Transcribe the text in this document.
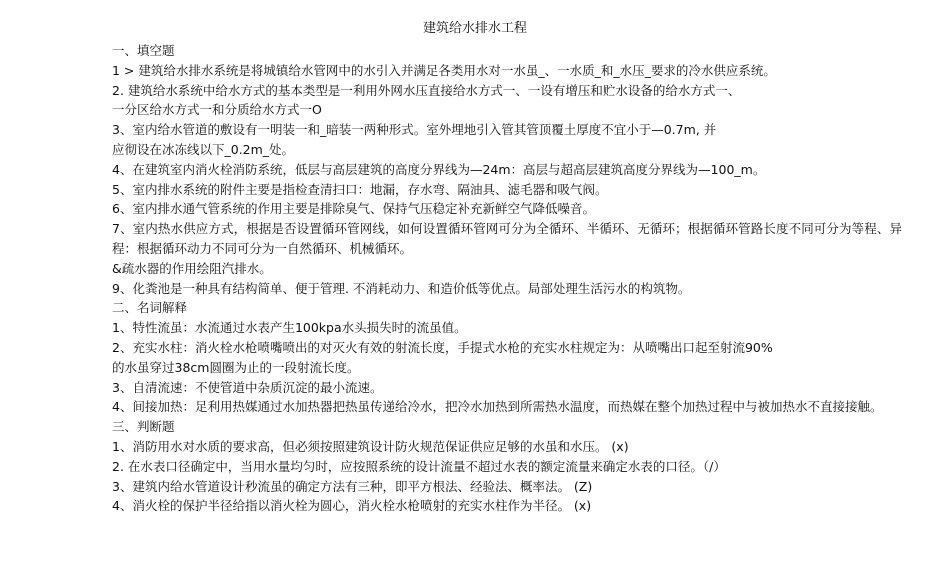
建筑给水排水工程
一、填空题
1 > 建筑给水排水系统是将城镇给水管网中的水引入并满足各类用水对一水虽_、一水质_和_水压_要求的冷水供应系统。
2. 建筑给水系统中给水方式的基本类型是一利用外网水压直接给水方式一、一设有增压和贮水设备的给水方式一、
一分区给水方式一和分质给水方式一O
3、室内给水管道的敷设有一明装一和_暗装一两种形式。室外埋地引入管其管顶覆土厚度不宜小于—0.7m, 并
应彻设在冰冻线以下_0.2m_处。
4、在建筑室内消火栓消防系统，低层与高层建筑的高度分界线为—24m：高层与超高层建筑高度分界线为—100_m。
5、室内排水系统的附件主要是指检查清扫口：地漏，存水弯、隔油具、滤毛器和吸气阀。
6、室内排水通气管系统的作用主要是排除臭气、保持气压稳定补充新鲜空气降低噪音。
7、室内热水供应方式，根据是否设置循环管网线，如何设置循环管网可分为全循环、半循环、无循环；根据循环管路长度不同可分为等程、异程：根据循环动力不同可分为一自然循环、机械循环。
&疏水器的作用绘阻汽排水。
9、化粪池是一种具有结构简单、便于管理. 不消耗动力、和造价低等优点。局部处理生活污水的构筑物。
二、名词解释
1、特性流虽：水流通过水表产生100kpa水头损失时的流虽值。
2、充实水柱：消火栓水枪喷嘴喷出的对灭火有效的射流长度，手提式水枪的充实水柱规定为：从喷嘴出口起至射流90%
的水虽穿过38cm圆圈为止的一段射流长度。
3、自清流速：不使管道中杂质沉淀的最小流速。
4、间接加热：足利用热媒通过水加热器把热虽传递给冷水，把冷水加热到所需热水温度，而热媒在整个加热过程中与被加热水不直接接触。
三、判断题
1、消防用水对水质的要求高，但必须按照建筑设计防火规范保证供应足够的水虽和水压。 (x)
2. 在水表口径确定中，当用水量均匀时，应按照系统的设计流量不超过水表的额定流量来确定水表的口径。（/）
3、建筑内给水管道设计秒流虽的确定方法有三种，即平方根法、经验法、概率法。 (Z)
4、消火栓的保护半径给指以消火栓为圆心，消火栓水枪喷射的充实水柱作为半径。 (x)
